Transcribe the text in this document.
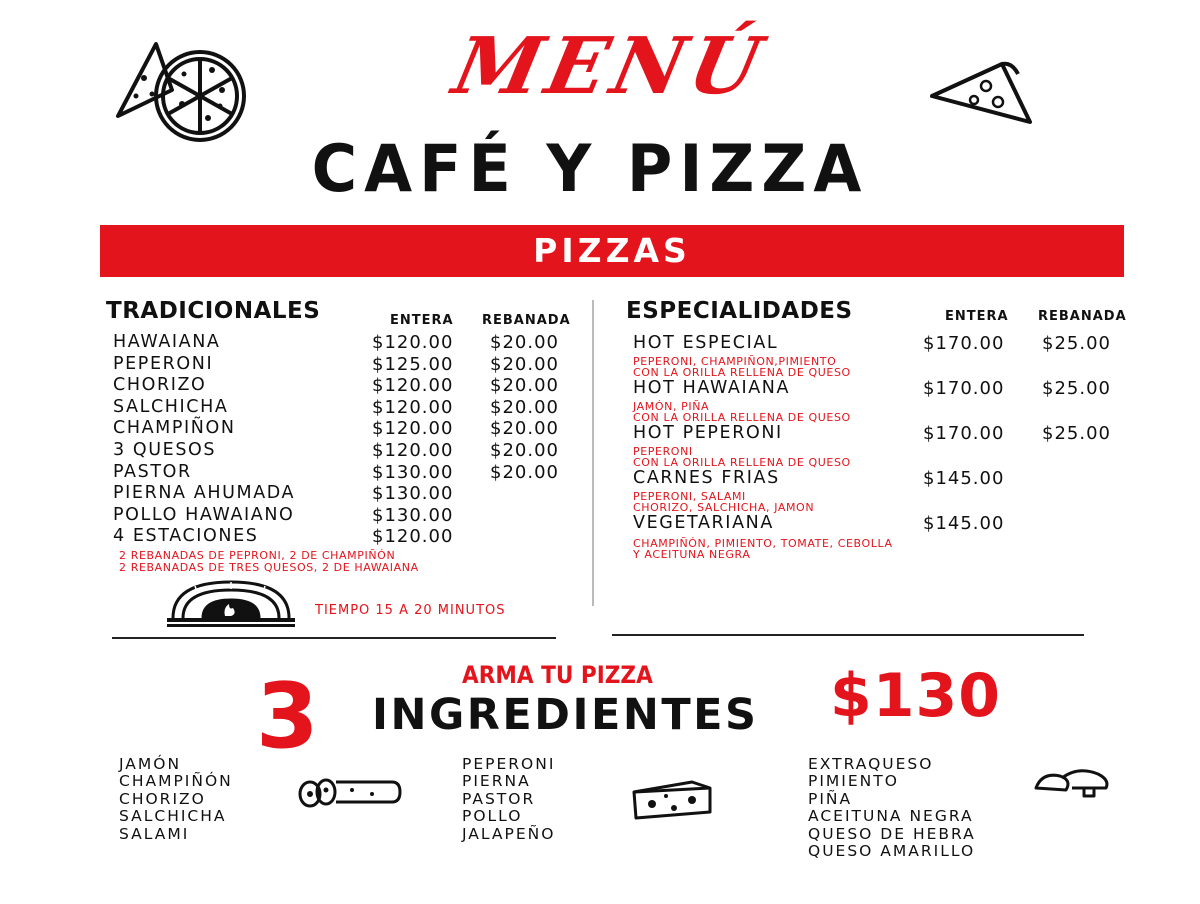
MENÚ
CAFÉ Y PIZZA
PIZZAS
TRADICIONALES	ENTERA REBANADA
HAWAIANA
PEPERONI
CHORIZO
SALCHICHA
CHAMPIÑON
3 QUESOS
PASTOR
PIERNA AHUMADA
POLLO HAWAIANO
4 ESTACIONES
$120.00
$125.00
$120.00
$120.00
$120.00
$120.00
$130.00
$130.00
$130.00
$120.00
$20.00
$20.00
$20.00
$20.00
$20.00
$20.00
$20.00
2 REBANADAS DE PEPRONI, 2 DE CHAMPIÑÓN
2 REBANADAS DE TRES QUESOS, 2 DE HAWAIANA
TIEMPO 15 A 20 MINUTOS
ESPECIALIDADES	ENTERA REBANADA
HOT ESPECIAL
PEPERONI, CHAMPIÑON,PIMIENTO
CON LA ORILLA RELLENA DE QUESO
HOT HAWAIANA
JAMÓN, PIÑA
CON LA ORILLA RELLENA DE QUESO
HOT PEPERONI
PEPERONI
CON LA ORILLA RELLENA DE QUESO
CARNES FRIAS
PEPERONI, SALAMI
CHORIZO, SALCHICHA, JAMON
VEGETARIANA
CHAMPIÑÓN, PIMIENTO, TOMATE, CEBOLLA
Y ACEITUNA NEGRA
$170.00
$170.00
$170.00
$145.00
$145.00
$25.00
$25.00
$25.00
ARMA TU PIZZA
3 INGREDIENTES $130
JAMÓN
CHAMPIÑÓN
CHORIZO
SALCHICHA
SALAMI
PEPERONI
PIERNA
PASTOR
POLLO
JALAPEÑO
EXTRAQUESO
PIMIENTO
PIÑA
ACEITUNA NEGRA
QUESO DE HEBRA
QUESO AMARILLO
